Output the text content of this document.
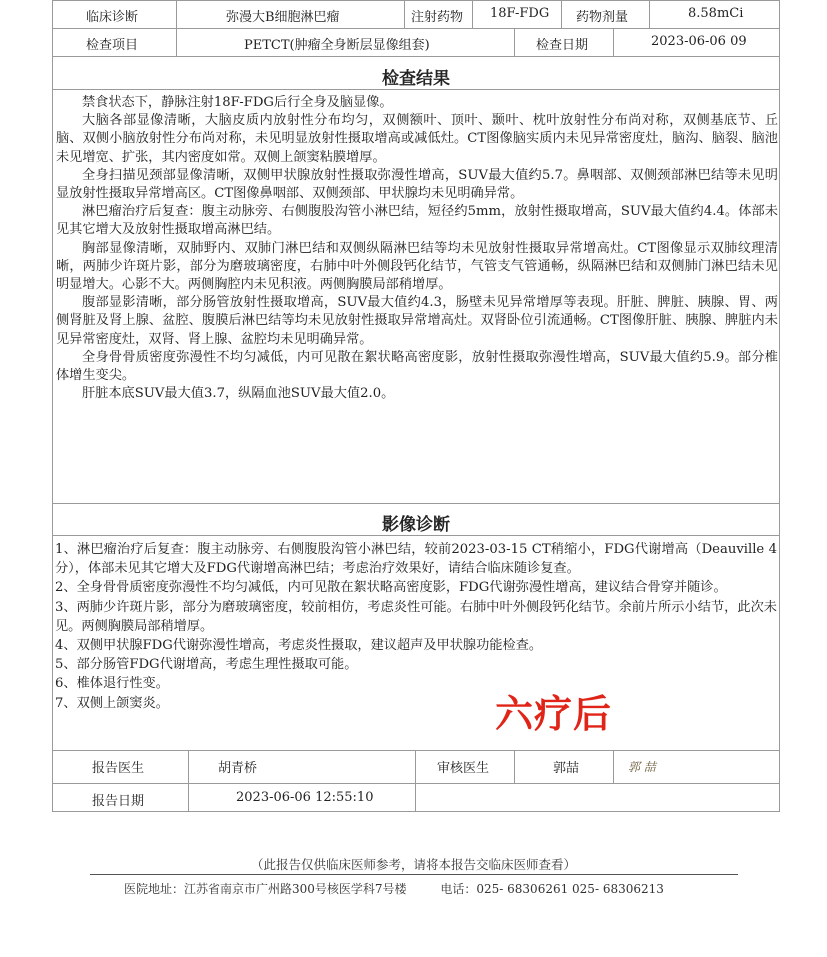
临床诊断	弥漫大B细胞淋巴瘤	注射药物 18F-FDG 药物剂量	8.58mCi
检查项目	PETCT(肿瘤全身断层显像组套)	检查日期	2023-06-06 09
检查结果

禁食状态下，静脉注射18F-FDG后行全身及脑显像。

大脑各部显像清晰，大脑皮质内放射性分布均匀，双侧额叶、顶叶、颞叶、枕叶放射性分布尚对称，双侧基底节、丘脑、双侧小脑放射性分布尚对称，未见明显放射性摄取增高或减低灶。CT图像脑实质内未见异常密度灶，脑沟、脑裂、脑池未见增宽、扩张，其内密度如常。双侧上颌窦粘膜增厚。

全身扫描见颈部显像清晰，双侧甲状腺放射性摄取弥漫性增高，SUV最大值约5.7。鼻咽部、双侧颈部淋巴结等未见明显放射性摄取异常增高区。CT图像鼻咽部、双侧颈部、甲状腺均未见明确异常。

淋巴瘤治疗后复查：腹主动脉旁、右侧腹股沟管小淋巴结，短径约5mm，放射性摄取增高，SUV最大值约4.4。体部未见其它增大及放射性摄取增高淋巴结。

胸部显像清晰，双肺野内、双肺门淋巴结和双侧纵隔淋巴结等均未见放射性摄取异常增高灶。CT图像显示双肺纹理清晰，两肺少许斑片影，部分为磨玻璃密度，右肺中叶外侧段钙化结节，气管支气管通畅，纵隔淋巴结和双侧肺门淋巴结未见明显增大。心影不大。两侧胸腔内未见积液。两侧胸膜局部稍增厚。

腹部显影清晰，部分肠管放射性摄取增高，SUV最大值约4.3，肠壁未见异常增厚等表现。肝脏、脾脏、胰腺、胃、两侧肾脏及肾上腺、盆腔、腹膜后淋巴结等均未见放射性摄取异常增高灶。双肾卧位引流通畅。CT图像肝脏、胰腺、脾脏内未见异常密度灶，双肾、肾上腺、盆腔均未见明确异常。

全身骨骨质密度弥漫性不均匀减低，内可见散在絮状略高密度影，放射性摄取弥漫性增高，SUV最大值约5.9。部分椎体增生变尖。

肝脏本底SUV最大值3.7，纵隔血池SUV最大值2.0。

影像诊断

1、淋巴瘤治疗后复查：腹主动脉旁、右侧腹股沟管小淋巴结，较前2023-03-15 CT稍缩小，FDG代谢增高（Deauville 4分），体部未见其它增大及FDG代谢增高淋巴结；考虑治疗效果好，请结合临床随诊复查。

2、全身骨骨质密度弥漫性不均匀减低，内可见散在絮状略高密度影，FDG代谢弥漫性增高，建议结合骨穿并随诊。

3、两肺少许斑片影，部分为磨玻璃密度，较前相仿，考虑炎性可能。右肺中叶外侧段钙化结节。余前片所示小结节，此次未见。两侧胸膜局部稍增厚。

4、双侧甲状腺FDG代谢弥漫性增高，考虑炎性摄取，建议超声及甲状腺功能检查。

5、部分肠管FDG代谢增高，考虑生理性摄取可能。

6、椎体退行性变。

7、双侧上颌窦炎。	六疗后
报告医生	胡青桥	审核医生	郭喆	郭 喆
报告日期	2023-06-06 12:55:10
（此报告仅供临床医师参考，请将本报告交临床医师查看）
医院地址：江苏省南京市广州路300号核医学科7号楼	电话：025- 68306261 025- 68306213
